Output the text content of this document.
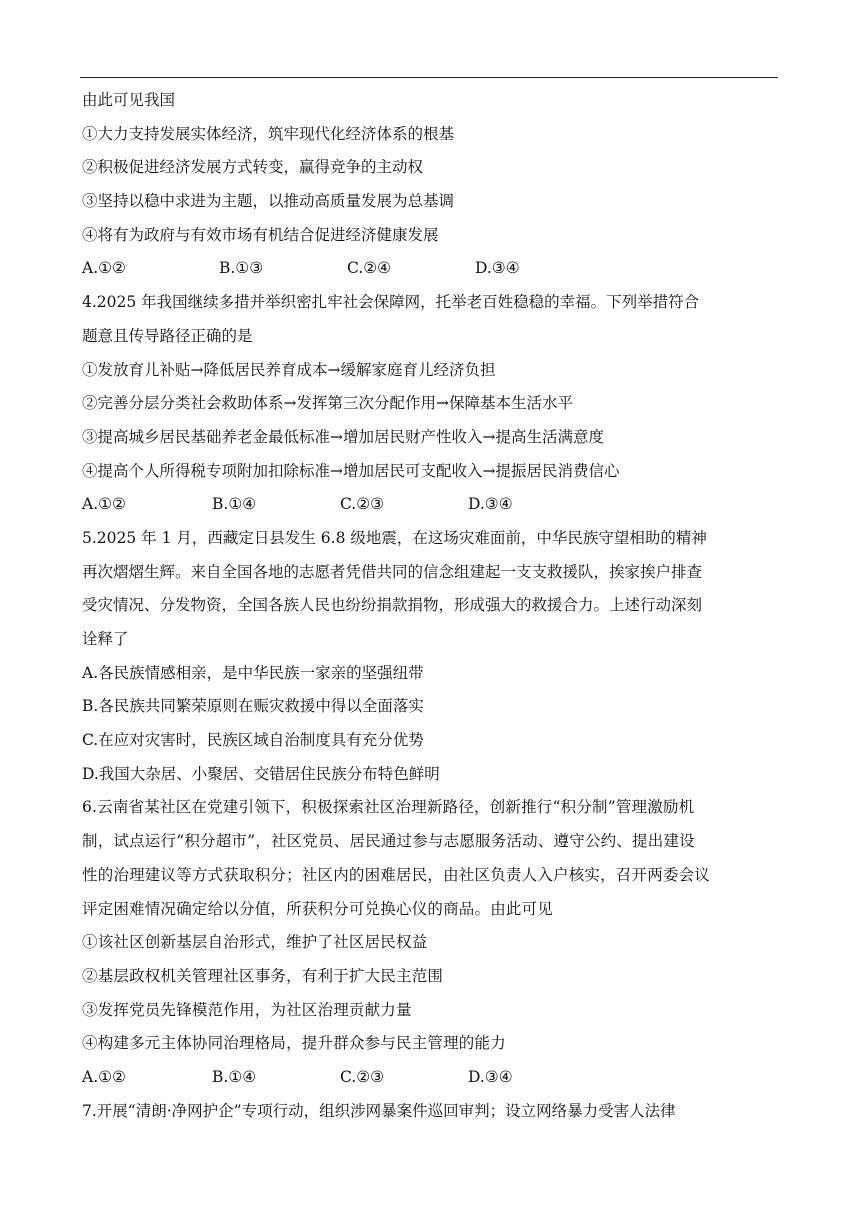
由此可见我国
①大力支持发展实体经济，筑牢现代化经济体系的根基
②积极促进经济发展方式转变，赢得竞争的主动权
③坚持以稳中求进为主题，以推动高质量发展为总基调
④将有为政府与有效市场有机结合促进经济健康发展
A.①②	B.①③	C.②④	D.③④
4.2025 年我国继续多措并举织密扎牢社会保障网，托举老百姓稳稳的幸福。下列举措符合
题意且传导路径正确的是
①发放育儿补贴→降低居民养育成本→缓解家庭育儿经济负担
②完善分层分类社会救助体系→发挥第三次分配作用→保障基本生活水平
③提高城乡居民基础养老金最低标准→增加居民财产性收入→提高生活满意度
④提高个人所得税专项附加扣除标准→增加居民可支配收入→提振居民消费信心
A.①②	B.①④	C.②③	D.③④
5.2025 年 1 月，西藏定日县发生 6.8 级地震，在这场灾难面前，中华民族守望相助的精神
再次熠熠生辉。来自全国各地的志愿者凭借共同的信念组建起一支支救援队，挨家挨户排查
受灾情况、分发物资，全国各族人民也纷纷捐款捐物，形成强大的救援合力。上述行动深刻
诠释了
A.各民族情感相亲，是中华民族一家亲的坚强纽带
B.各民族共同繁荣原则在赈灾救援中得以全面落实
C.在应对灾害时，民族区域自治制度具有充分优势
D.我国大杂居、小聚居、交错居住民族分布特色鲜明
6.云南省某社区在党建引领下，积极探索社区治理新路径，创新推行“积分制”管理激励机
制，试点运行“积分超市”，社区党员、居民通过参与志愿服务活动、遵守公约、提出建设
性的治理建议等方式获取积分；社区内的困难居民，由社区负责人入户核实，召开两委会议
评定困难情况确定给以分值，所获积分可兑换心仪的商品。由此可见
①该社区创新基层自治形式，维护了社区居民权益
②基层政权机关管理社区事务，有利于扩大民主范围
③发挥党员先锋模范作用，为社区治理贡献力量
④构建多元主体协同治理格局，提升群众参与民主管理的能力
A.①②	B.①④	C.②③	D.③④
7.开展“清朗·净网护企”专项行动，组织涉网暴案件巡回审判；设立网络暴力受害人法律
